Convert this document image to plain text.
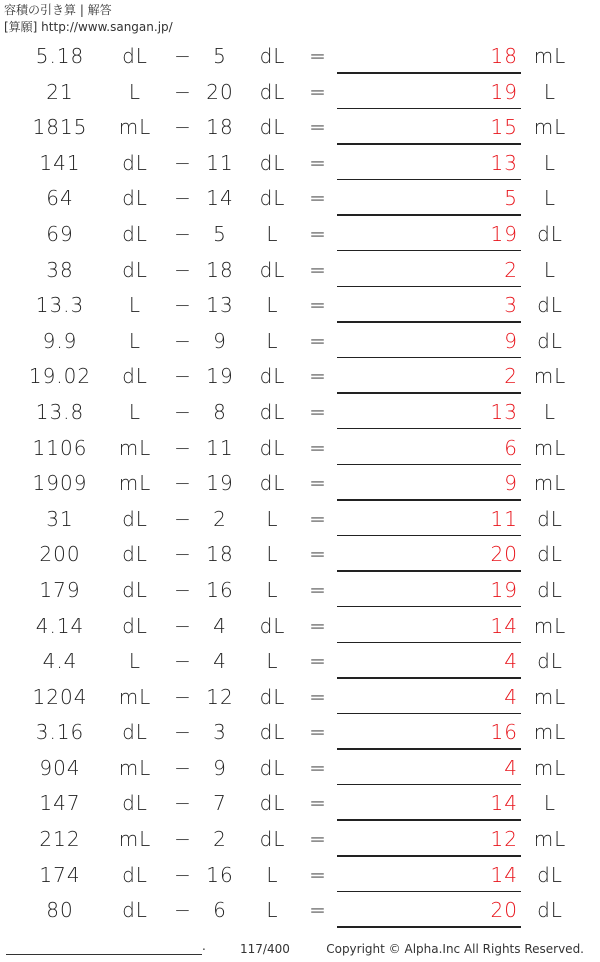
容積の引き算 | 解答
[算願] http://www.sangan.jp/
5.18	dL	−	5	dL	=	18 mL
21	L	− 20	dL	=	19	L
1815	mL	− 18	dL	=	15 mL
141	dL	− 11	dL	=	13	L
64	dL	− 14	dL	=	5	L
69	dL	−	5	L	=	19 dL
38	dL	− 18	dL	=	2	L
13.3	L	− 13	L	=	3 dL
9.9	L	−	9	L	=	9 dL
19.02	dL	− 19	dL	=	2 mL
13.8	L	−	8	dL	=	13	L
1106	mL	− 11	dL	=	6 mL
1909	mL	− 19	dL	=	9 mL
31	dL	−	2	L	=	11 dL
200	dL	− 18	L	=	20 dL
179	dL	− 16	L	=	19 dL
4.14	dL	−	4	dL	=	14 mL
4.4	L	−	4	L	=	4 dL
1204	mL	− 12	dL	=	4 mL
3.16	dL	−	3	dL	=	16 mL
904	mL	−	9	dL	=	4 mL
147	dL	−	7	dL	=	14	L
212	mL	−	2	dL	=	12 mL
174	dL	− 16	L	=	14 dL
80	dL	−	6	L	=	20 dL
.	117/400	Copyright © Alpha.Inc All Rights Reserved.
